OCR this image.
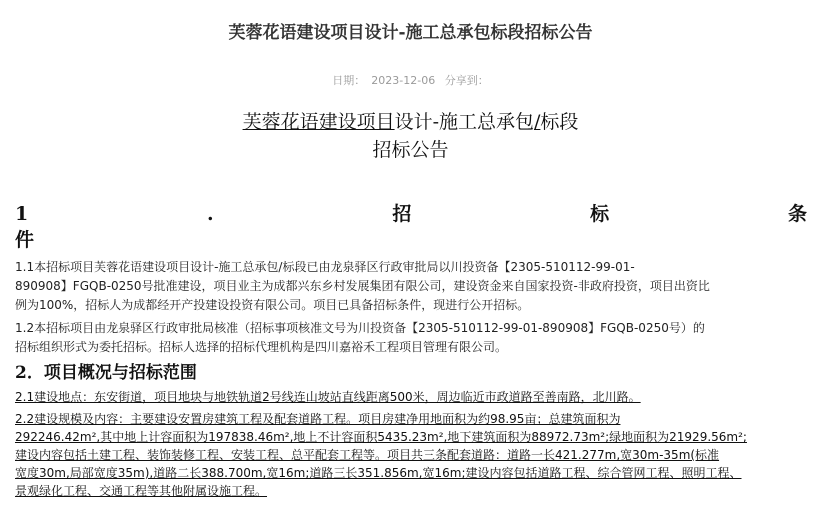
芙蓉花语建设项目设计-施工总承包标段招标公告
日期： 2023-12-06 分享到：
芙蓉花语建设项目设计-施工总承包/标段
招标公告
1	.	招	标	条
件
1.1本招标项目芙蓉花语建设项目设计-施工总承包/标段已由龙泉驿区行政审批局以川投资备【2305-510112-99-01-
890908】FGQB-0250号批准建设，项目业主为成都兴东乡村发展集团有限公司，建设资金来自国家投资-非政府投资，项目出资比
例为100%，招标人为成都经开产投建设投资有限公司。项目已具备招标条件，现进行公开招标。
1.2本招标项目由龙泉驿区行政审批局核准（招标事项核准文号为川投资备【2305-510112-99-01-890908】FGQB-0250号）的
招标组织形式为委托招标。招标人选择的招标代理机构是四川嘉裕禾工程项目管理有限公司。
2．项目概况与招标范围
2.1建设地点：东安街道，项目地块与地铁轨道2号线连山坡站直线距离500米，周边临近市政道路至善南路，北川路。
2.2建设规模及内容：主要建设安置房建筑工程及配套道路工程。项目房建净用地面积为约98.95亩；总建筑面积为
292246.42m²,其中地上计容面积为197838.46m²,地上不计容面积5435.23m²,地下建筑面积为88972.73m²;绿地面积为21929.56m²;
建设内容包括土建工程、装饰装修工程、安装工程、总平配套工程等。项目共三条配套道路：道路一长421.277m,宽30m-35m(标准
宽度30m,局部宽度35m),道路二长388.700m,宽16m;道路三长351.856m,宽16m;建设内容包括道路工程、综合管网工程、照明工程、
景观绿化工程、交通工程等其他附属设施工程。
